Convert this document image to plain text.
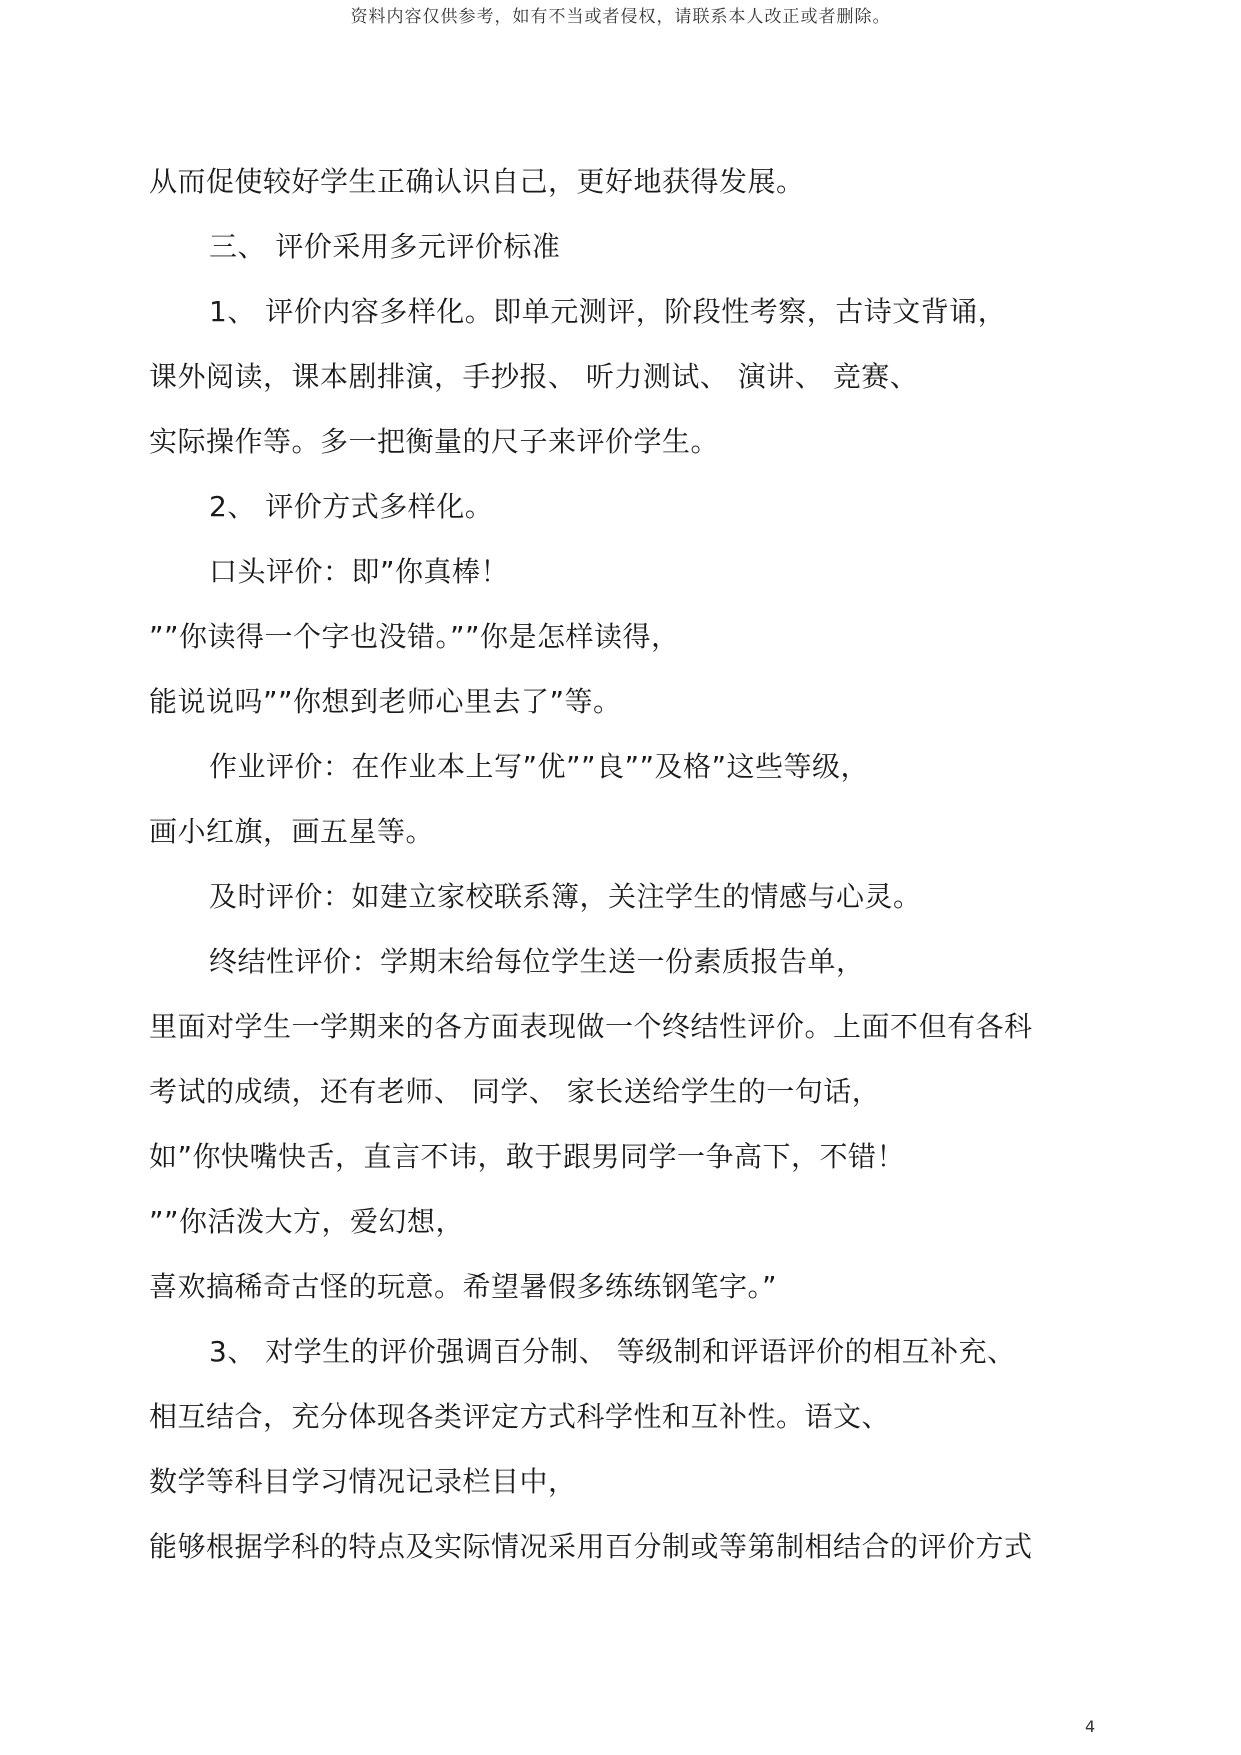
资料内容仅供参考，如有不当或者侵权，请联系本人改正或者删除。
从而促使较好学生正确认识自己，更好地获得发展。
三、 评价采用多元评价标准
1、 评价内容多样化。即单元测评，阶段性考察，古诗文背诵，
课外阅读，课本剧排演，手抄报、 听力测试、 演讲、 竞赛、
实际操作等。多一把衡量的尺子来评价学生。
2、 评价方式多样化。
口头评价：即”你真棒！
””你读得一个字也没错。””你是怎样读得，
能说说吗””你想到老师心里去了”等。
作业评价：在作业本上写”优””良””及格”这些等级，
画小红旗，画五星等。
及时评价：如建立家校联系簿，关注学生的情感与心灵。
终结性评价：学期末给每位学生送一份素质报告单，
里面对学生一学期来的各方面表现做一个终结性评价。上面不但有各科
考试的成绩，还有老师、 同学、 家长送给学生的一句话，
如”你快嘴快舌，直言不讳，敢于跟男同学一争高下，不错！
””你活泼大方，爱幻想，
喜欢搞稀奇古怪的玩意。希望暑假多练练钢笔字。”
3、 对学生的评价强调百分制、 等级制和评语评价的相互补充、
相互结合，充分体现各类评定方式科学性和互补性。语文、
数学等科目学习情况记录栏目中，
能够根据学科的特点及实际情况采用百分制或等第制相结合的评价方式
4
